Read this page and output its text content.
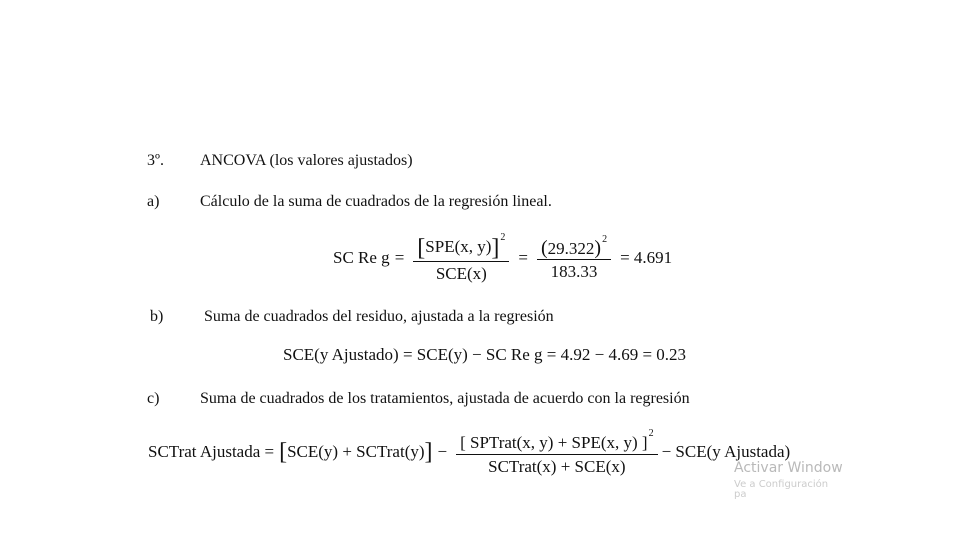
3º. ANCOVA (los valores ajustados)
a)	Cálculo de la suma de cuadrados de la regresión lineal.
SC Re $g = \frac{[SPE(x, y)]^2}{\text{SCE(x)}} = \frac{(29.322)^2}{183.33} = 4.691$
b)	Suma de cuadrados del residuo, ajustada a la regresión
SCE(y Ajustado) = SCE(y) − SC Re g = 4.92 − 4.69 = 0.23
c)	Suma de cuadrados de los tratamientos, ajustada de acuerdo con la regresión
SCTrat Ajustada = [ SCE(y) + SCTrat(y) ] − $\frac{[ SPTrat(x, y) + SPE(x, y) ]^2}{\text{SCTrat(x) + SCE(x)}} - SCE(y$ Ajustada)
Activar Window
Ve a Configuración pa
